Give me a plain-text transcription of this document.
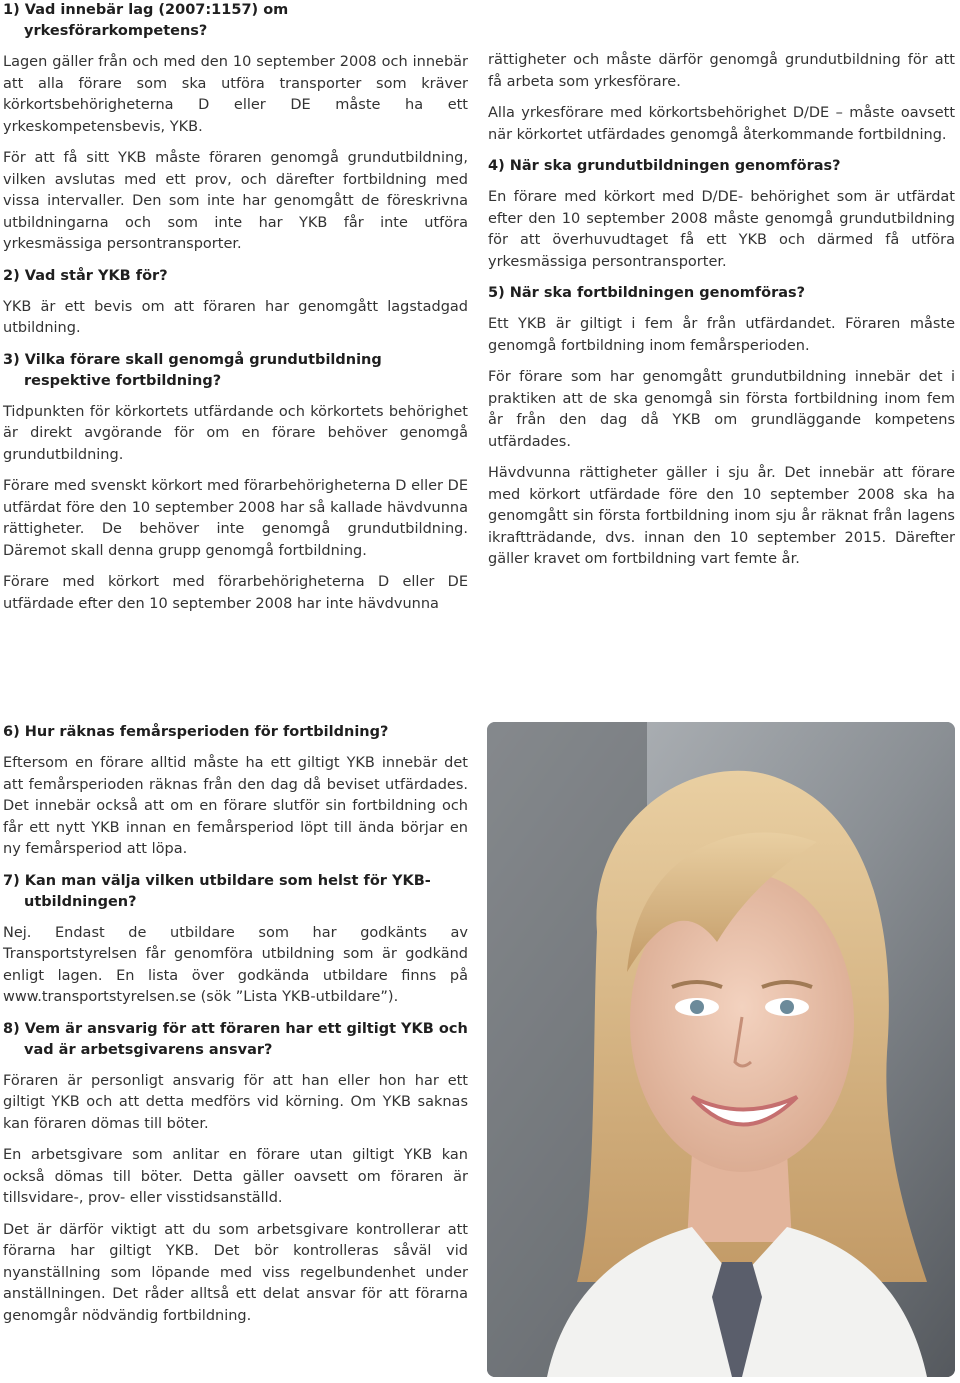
1) Vad innebär lag (2007:1157) om yrkesförarkompetens?

Lagen gäller från och med den 10 september 2008 och innebär att alla förare som ska utföra transporter som kräver körkortsbehörigheterna D eller DE måste ha ett yrkeskompetensbevis, YKB.

För att få sitt YKB måste föraren genomgå grundutbildning, vilken avslutas med ett prov, och därefter fortbildning med vissa intervaller. Den som inte har genomgått de föreskrivna utbildningarna och som inte har YKB får inte utföra yrkesmässiga persontransporter.

2) Vad står YKB för?

YKB är ett bevis om att föraren har genomgått lagstadgad utbildning.

3) Vilka förare skall genomgå grundutbildning respektive fortbildning?

Tidpunkten för körkortets utfärdande och körkortets behörighet är direkt avgörande för om en förare behöver genomgå grundutbildning.

Förare med svenskt körkort med förarbehörigheterna D eller DE utfärdat före den 10 september 2008 har så kallade hävdvunna rättigheter. De behöver inte genomgå grundutbildning. Däremot skall denna grupp genomgå fortbildning.

Förare med körkort med förarbehörigheterna D eller DE utfärdade efter den 10 september 2008 har inte hävdvunna

rättigheter och måste därför genomgå grundutbildning för att få arbeta som yrkesförare.

Alla yrkesförare med körkortsbehörighet D/DE – måste oavsett när körkortet utfärdades genomgå återkommande fortbildning.

4) När ska grundutbildningen genomföras?

En förare med körkort med D/DE- behörighet som är utfärdat efter den 10 september 2008 måste genomgå grundutbildning för att överhuvudtaget få ett YKB och därmed få utföra yrkesmässiga persontransporter.

5) När ska fortbildningen genomföras?

Ett YKB är giltigt i fem år från utfärdandet. Föraren måste genomgå fortbildning inom femårsperioden.

För förare som har genomgått grundutbildning innebär det i praktiken att de ska genomgå sin första fortbildning inom fem år från den dag då YKB om grundläggande kompetens utfärdades.

Hävdvunna rättigheter gäller i sju år. Det innebär att förare med körkort utfärdade före den 10 september 2008 ska ha genomgått sin första fortbildning inom sju år räknat från lagens ikraftträdande, dvs. innan den 10 september 2015. Därefter gäller kravet om fortbildning vart femte år.

6) Hur räknas femårsperioden för fortbildning?

Eftersom en förare alltid måste ha ett giltigt YKB innebär det att femårsperioden räknas från den dag då beviset utfärdades. Det innebär också att om en förare slutför sin fortbildning och får ett nytt YKB innan en femårsperiod löpt till ända börjar en ny femårsperiod att löpa.

7) Kan man välja vilken utbildare som helst för YKB-utbildningen?

Nej. Endast de utbildare som har godkänts av Transportstyrelsen får genomföra utbildning som är godkänd enligt lagen. En lista över godkända utbildare finns på www.transportstyrelsen.se (sök ”Lista YKB-utbildare”).

8) Vem är ansvarig för att föraren har ett giltigt YKB och vad är arbetsgivarens ansvar?

Föraren är personligt ansvarig för att han eller hon har ett giltigt YKB och att detta medförs vid körning. Om YKB saknas kan föraren dömas till böter.

En arbetsgivare som anlitar en förare utan giltigt YKB kan också dömas till böter. Detta gäller oavsett om föraren är tillsvidare-, prov- eller visstidsanställd.

Det är därför viktigt att du som arbetsgivare kontrollerar att förarna har giltigt YKB. Det bör kontrolleras såväl vid nyanställning som löpande med viss regelbundenhet under anställningen. Det råder alltså ett delat ansvar för att förarna genomgår nödvändig fortbildning.
